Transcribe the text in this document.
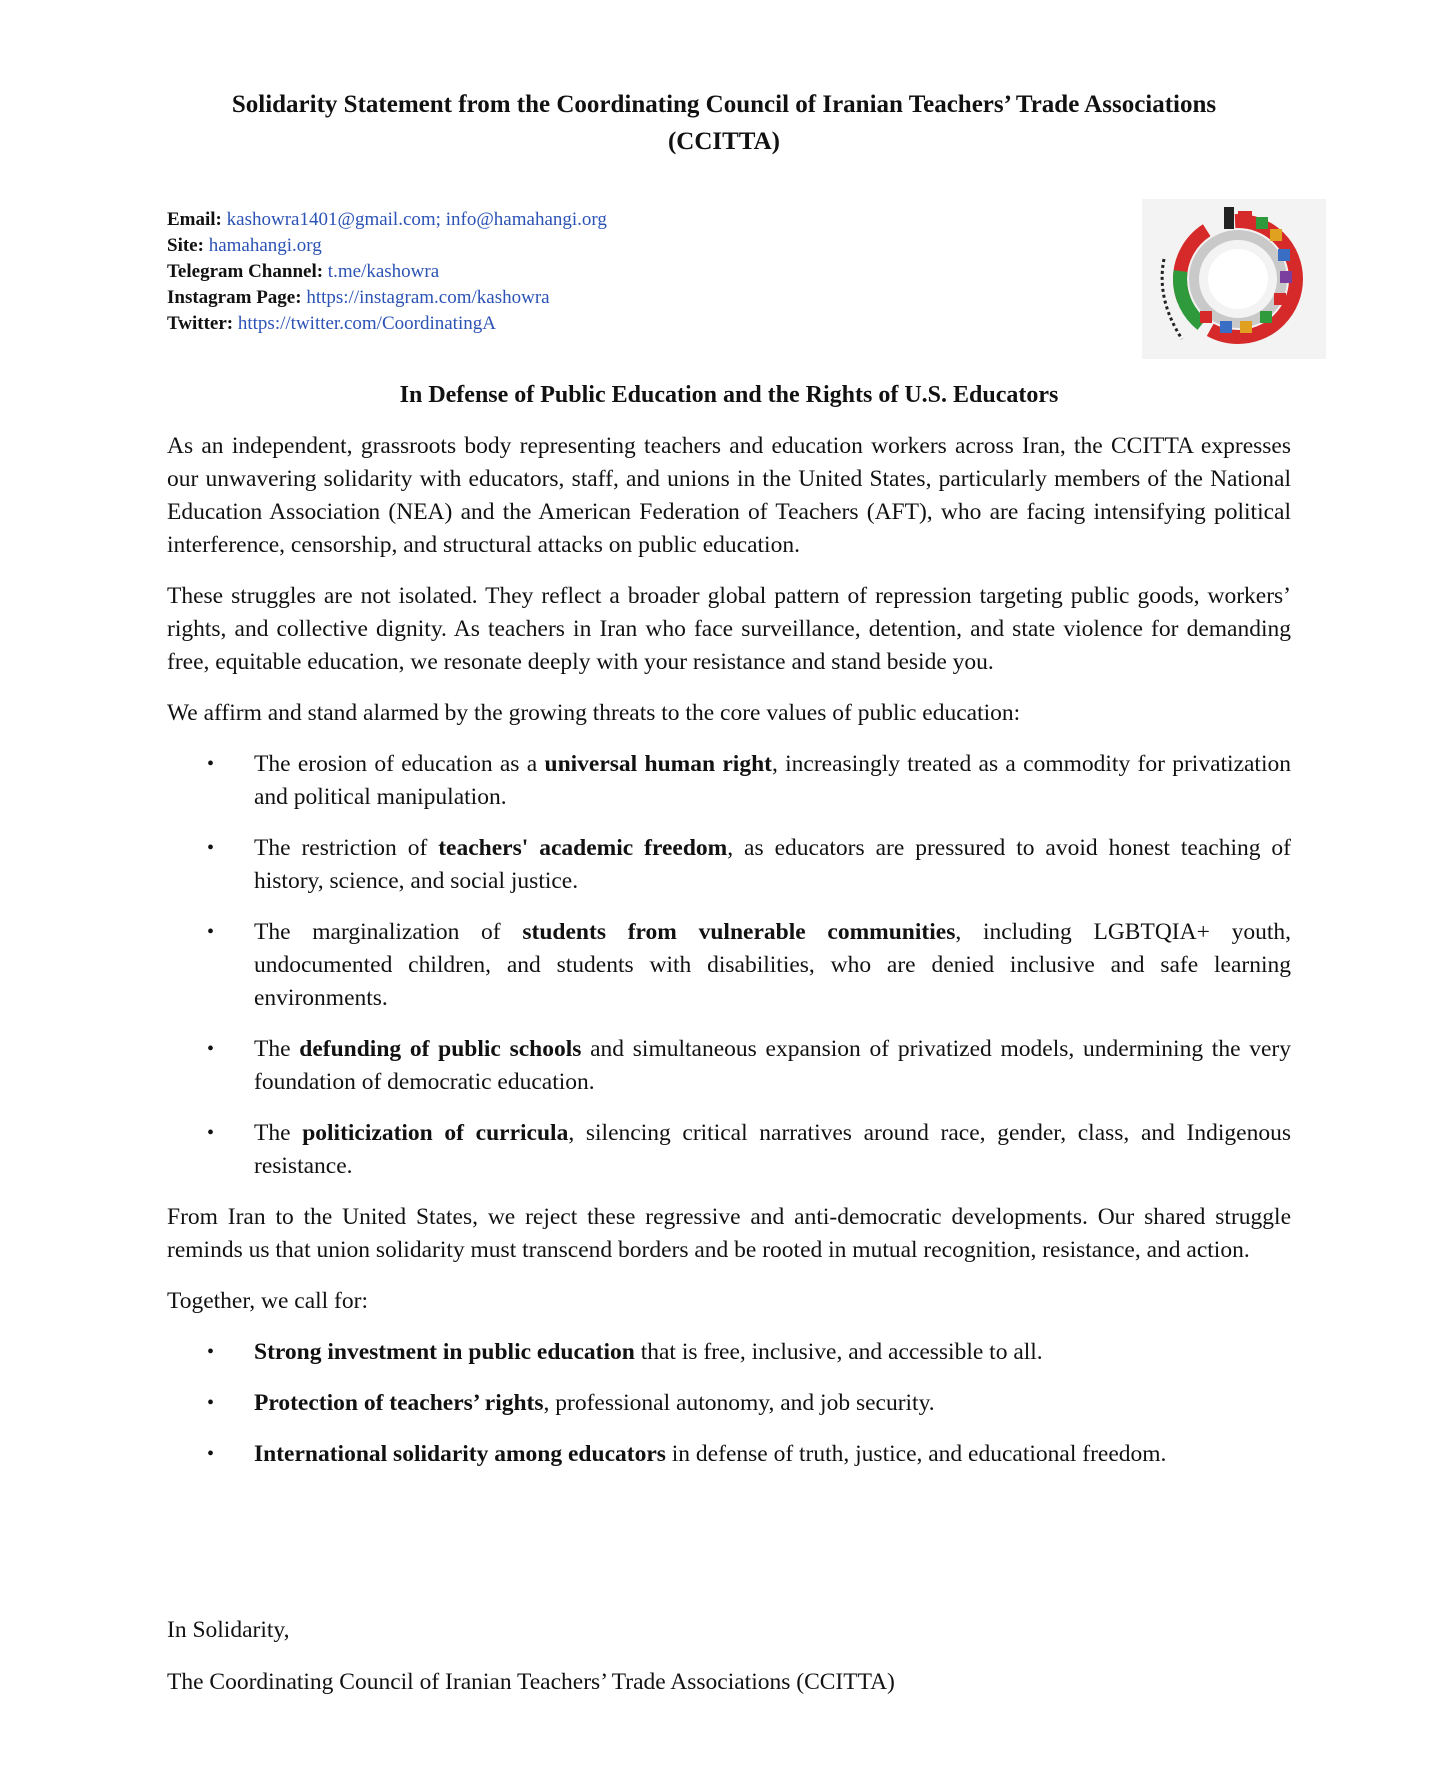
Solidarity Statement from the Coordinating Council of Iranian Teachers’ Trade Associations
(CCITTA)
Email: kashowra1401@gmail.com; info@hamahangi.org
Site: hamahangi.org
Telegram Channel: t.me/kashowra
Instagram Page: https://instagram.com/kashowra
Twitter: https://twitter.com/CoordinatingA
In Defense of Public Education and the Rights of U.S. Educators

As an independent, grassroots body representing teachers and education workers across Iran, the CCITTA expresses our unwavering solidarity with educators, staff, and unions in the United States, particularly members of the National Education Association (NEA) and the American Federation of Teachers (AFT), who are facing intensifying political interference, censorship, and structural attacks on public education.

These struggles are not isolated. They reflect a broader global pattern of repression targeting public goods, workers’ rights, and collective dignity. As teachers in Iran who face surveillance, detention, and state violence for demanding free, equitable education, we resonate deeply with your resistance and stand beside you.

We affirm and stand alarmed by the growing threats to the core values of public education:

• The erosion of education as a universal human right, increasingly treated as a commodity for privatization and political manipulation.
• The restriction of teachers' academic freedom, as educators are pressured to avoid honest teaching of history, science, and social justice.
• The marginalization of students from vulnerable communities, including LGBTQIA+ youth, undocumented children, and students with disabilities, who are denied inclusive and safe learning environments.
• The defunding of public schools and simultaneous expansion of privatized models, undermining the very foundation of democratic education.
• The politicization of curricula, silencing critical narratives around race, gender, class, and Indigenous resistance.

From Iran to the United States, we reject these regressive and anti-democratic developments. Our shared struggle reminds us that union solidarity must transcend borders and be rooted in mutual recognition, resistance, and action.

Together, we call for:

• Strong investment in public education that is free, inclusive, and accessible to all.
• Protection of teachers’ rights, professional autonomy, and job security.
• International solidarity among educators in defense of truth, justice, and educational freedom.
In Solidarity,
The Coordinating Council of Iranian Teachers’ Trade Associations (CCITTA)
